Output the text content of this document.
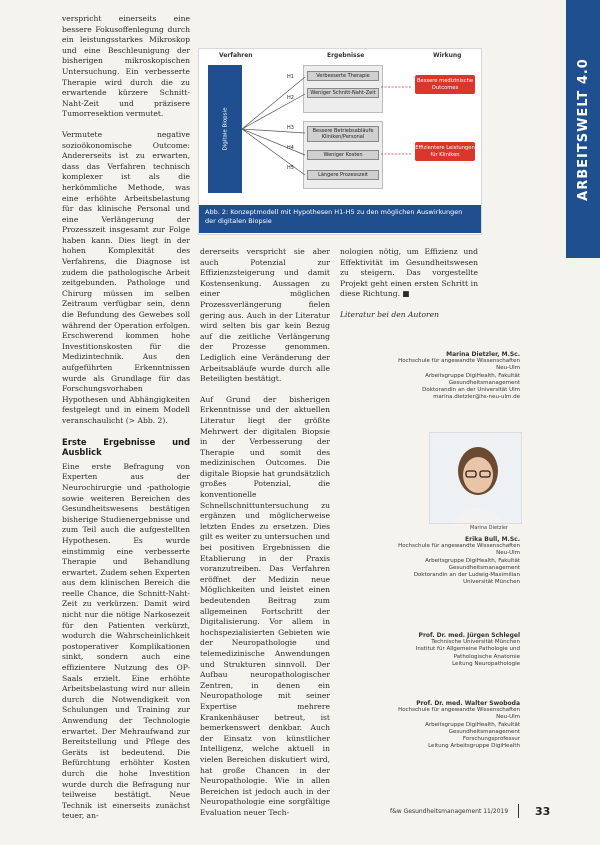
ARBEITSWELT 4.0

verspricht einerseits eine bessere Fokusoffenlegung durch ein leistungsstarkes Mikroskop und eine Beschleunigung der bisherigen mikroskopischen Untersuchung. Ein verbesserte Therapie wird durch die zu erwartende kürzere Schnitt-Naht-Zeit und präzisere Tumorresektion vermutet.

Vermutete negative sozioökonomische Outcome: Andererseits ist zu erwarten, dass das Verfahren technisch komplexer ist als die herkömmliche Methode, was eine erhöhte Arbeitsbelastung für das klinische Personal und eine Verlängerung der Prozesszeit insgesamt zur Folge haben kann. Dies liegt in der hohen Komplexität des Verfahrens, die Diagnose ist zudem die pathologische Arbeit zeitgebunden. Pathologe und Chirurg müssen im selben Zeitraum verfügbar sein, denn die Befundung des Gewebes soll während der Operation erfolgen. Erschwerend kommen hohe Investitionskosten für die Medizintechnik. Aus den aufgeführten Erkenntnissen wurde als Grundlage für das Forschungsvorhaben Hypothesen und Abhängigkeiten festgelegt und in einem Modell veranschaulicht (> Abb. 2).

Erste Ergebnisse und Ausblick

Eine erste Befragung von Experten aus der Neurochirurgie und -pathologie sowie weiteren Bereichen des Gesundheitswesens bestätigen bisherige Studienergebnisse und zum Teil auch die aufgestellten Hypothesen. Es wurde einstimmig eine verbesserte Therapie und Behandlung erwartet. Zudem sehen Experten aus dem klinischen Bereich die reelle Chance, die Schnitt-Naht-Zeit zu verkürzen. Damit wird nicht nur die nötige Narkosezeit für den Patienten verkürzt, wodurch die Wahrscheinlichkeit postoperativer Komplikationen sinkt, sondern auch eine effizientere Nutzung des OP-Saals erzielt. Eine erhöhte Arbeitsbelastung wird nur allein durch die Notwendigkeit von Schulungen und Training zur Anwendung der Technologie erwartet. Der Mehraufwand zur Bereitstellung und Pflege des Geräts ist bedeutend. Die Befürchtung erhöhter Kosten durch die hohe Investition wurde durch die Befragung nur teilweise bestätigt. Neue Technik ist einerseits zunächst teuer, an-

Verfahren	Ergebnisse	Wirkung
Digitale Biopsie
Verbesserte Therapie
Weniger Schnitt-Naht-Zeit
Bessere Betriebsabläufe Kliniken/Personal
Weniger Kosten
Längere Prozesszeit
H1
H2
H3
H4
H5
Bessere medizinische Outcomes
Effizientere Leistungen für Kliniken
Abb. 2: Konzeptmodell mit Hypothesen H1-H5 zu den möglichen Auswirkungen der digitalen Biopsie

dererseits verspricht sie aber auch Potenzial zur Effizienzsteigerung und damit Kostensenkung. Aussagen zu einer möglichen Prozessverlängerung fielen gering aus. Auch in der Literatur wird selten bis gar kein Bezug auf die zeitliche Verlängerung der Prozesse genommen. Lediglich eine Veränderung der Arbeitsabläufe wurde durch alle Beteiligten bestätigt.

Auf Grund der bisherigen Erkenntnisse und der aktuellen Literatur liegt der größte Mehrwert der digitalen Biopsie in der Verbesserung der Therapie und somit des medizinischen Outcomes. Die digitale Biopsie hat grundsätzlich großes Potenzial, die konventionelle Schnellschnittuntersuchung zu ergänzen und möglicherweise letzten Endes zu ersetzen. Dies gilt es weiter zu untersuchen und bei positiven Ergebnissen die Etablierung in der Praxis voranzutreiben. Das Verfahren eröffnet der Medizin neue Möglichkeiten und leistet einen bedeutenden Beitrag zum allgemeinen Fortschritt der Digitalisierung. Vor allem in hochspezialisierten Gebieten wie der Neuropathologie und telemedizinische Anwendungen und Strukturen sinnvoll. Der Aufbau neuropathologischer Zentren, in denen ein Neuropathologe mit seiner Expertise mehrere Krankenhäuser betreut, ist bemerkenswert denkbar. Auch der Einsatz von künstlicher Intelligenz, welche aktuell in vielen Bereichen diskutiert wird, hat große Chancen in der Neuropathologie. Wie in allen Bereichen ist jedoch auch in der Neuropathologie eine sorgfältige Evaluation neuer Tech-

nologien nötig, um Effizienz und Effektivität im Gesundheitswesen zu steigern. Das vorgestellte Projekt geht einen ersten Schritt in diese Richtung. ■

Literatur bei den Autoren

Marina Dietzler, M.Sc.
Hochschule für angewandte Wissenschaften
Neu-Ulm
Arbeitsgruppe DigiHealth, Fakultät
Gesundheitsmanagement
Doktorandin an der Universität Ulm
marina.dietzler@hs-neu-ulm.de
Marina Dietzler
Erika Bull, M.Sc.
Hochschule für angewandte Wissenschaften
Neu-Ulm
Arbeitsgruppe DigiHealth, Fakultät
Gesundheitsmanagement
Doktorandin an der Ludwig-Maximilian
Universität München
Prof. Dr. med. Jürgen Schlegel
Technische Universität München
Institut für Allgemeine Pathologie und
Pathologische Anatomie
Leitung Neuropathologie
Prof. Dr. med. Walter Swoboda
Hochschule für angewandte Wissenschaften
Neu-Ulm
Arbeitsgruppe DigiHealth, Fakultät
Gesundheitsmanagement
Forschungsprofessur
Leitung Arbeitsgruppe DigiHealth
f&w Gesundheitsmanagement 11/2019 33
